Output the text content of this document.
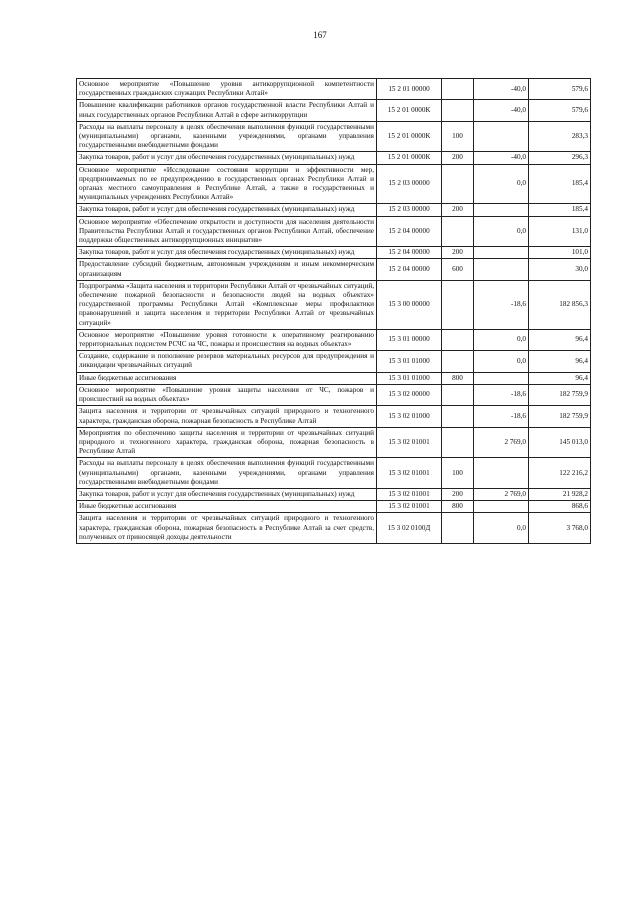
167
Основное мероприятие «Повышение уровня антикоррупционной компетентности государственных гражданских служащих Республики Алтай»	15 2 01 00000		-40,0	579,6
Повышение квалификации работников органов государственной власти Республики Алтай и иных государственных органов Республики Алтай в сфере антикоррупции	15 2 01 0000К		-40,0	579,6
Расходы на выплаты персоналу в целях обеспечения выполнения функций государственными (муниципальными) органами, казенными учреждениями, органами управления государственными внебюджетными фондами	15 2 01 0000К	100		283,3
Закупка товаров, работ и услуг для обеспечения государственных (муниципальных) нужд	15 2 01 0000К	200	-40,0	296,3
Основное мероприятие «Исследование состояния коррупции и эффективности мер, предпринимаемых по ее предупреждению в государственных органах Республики Алтай и органах местного самоуправления в Республике Алтай, а также в государственных и муниципальных учреждениях Республики Алтай»	15 2 03 00000		0,0	185,4
Закупка товаров, работ и услуг для обеспечения государственных (муниципальных) нужд	15 2 03 00000	200		185,4
Основное мероприятие «Обеспечение открытости и доступности для населения деятельности Правительства Республики Алтай и государственных органов Республики Алтай, обеспечение поддержки общественных антикоррупционных инициатив»	15 2 04 00000		0,0	131,0
Закупка товаров, работ и услуг для обеспечения государственных (муниципальных) нужд	15 2 04 00000	200		101,0
Предоставление субсидий бюджетным, автономным учреждениям и иным некоммерческим организациям	15 2 04 00000	600		30,0
Подпрограмма «Защита населения и территории Республики Алтай от чрезвычайных ситуаций, обеспечение пожарной безопасности и безопасности людей на водных объектах» государственной программы Республики Алтай «Комплексные меры профилактики правонарушений и защита населения и территории Республики Алтай от чрезвычайных ситуаций»	15 3 00 00000		-18,6	182 856,3
Основное мероприятие «Повышение уровня готовности к оперативному реагированию территориальных подсистем РСЧС на ЧС, пожары и происшествия на водных объектах»	15 3 01 00000		0,0	96,4
Создание, содержание и пополнение резервов материальных ресурсов для предупреждения и ликвидации чрезвычайных ситуаций	15 3 01 01000		0,0	96,4
Иные бюджетные ассигнования	15 3 01 01000	800		96,4
Основное мероприятие «Повышение уровня защиты населения от ЧС, пожаров и происшествий на водных объектах»	15 3 02 00000		-18,6	182 759,9
Защита населения и территории от чрезвычайных ситуаций природного и техногенного характера, гражданская оборона, пожарная безопасность в Республике Алтай	15 3 02 01000		-18,6	182 759,9
Мероприятия по обеспечению защиты населения и территории от чрезвычайных ситуаций природного и техногенного характера, гражданская оборона, пожарная безопасность в Республике Алтай	15 3 02 01001		2 769,0	145 013,0
Расходы на выплаты персоналу в целях обеспечения выполнения функций государственными (муниципальными) органами, казенными учреждениями, органами управления государственными внебюджетными фондами	15 3 02 01001	100		122 216,2
Закупка товаров, работ и услуг для обеспечения государственных (муниципальных) нужд	15 3 02 01001	200	2 769,0	21 928,2
Иные бюджетные ассигнования	15 3 02 01001	800		868,6
Защита населения и территории от чрезвычайных ситуаций природного и техногенного характера, гражданская оборона, пожарная безопасность в Республике Алтай за счет средств, полученных от приносящей доходы деятельности	15 3 02 0100Д		0,0	3 768,0
